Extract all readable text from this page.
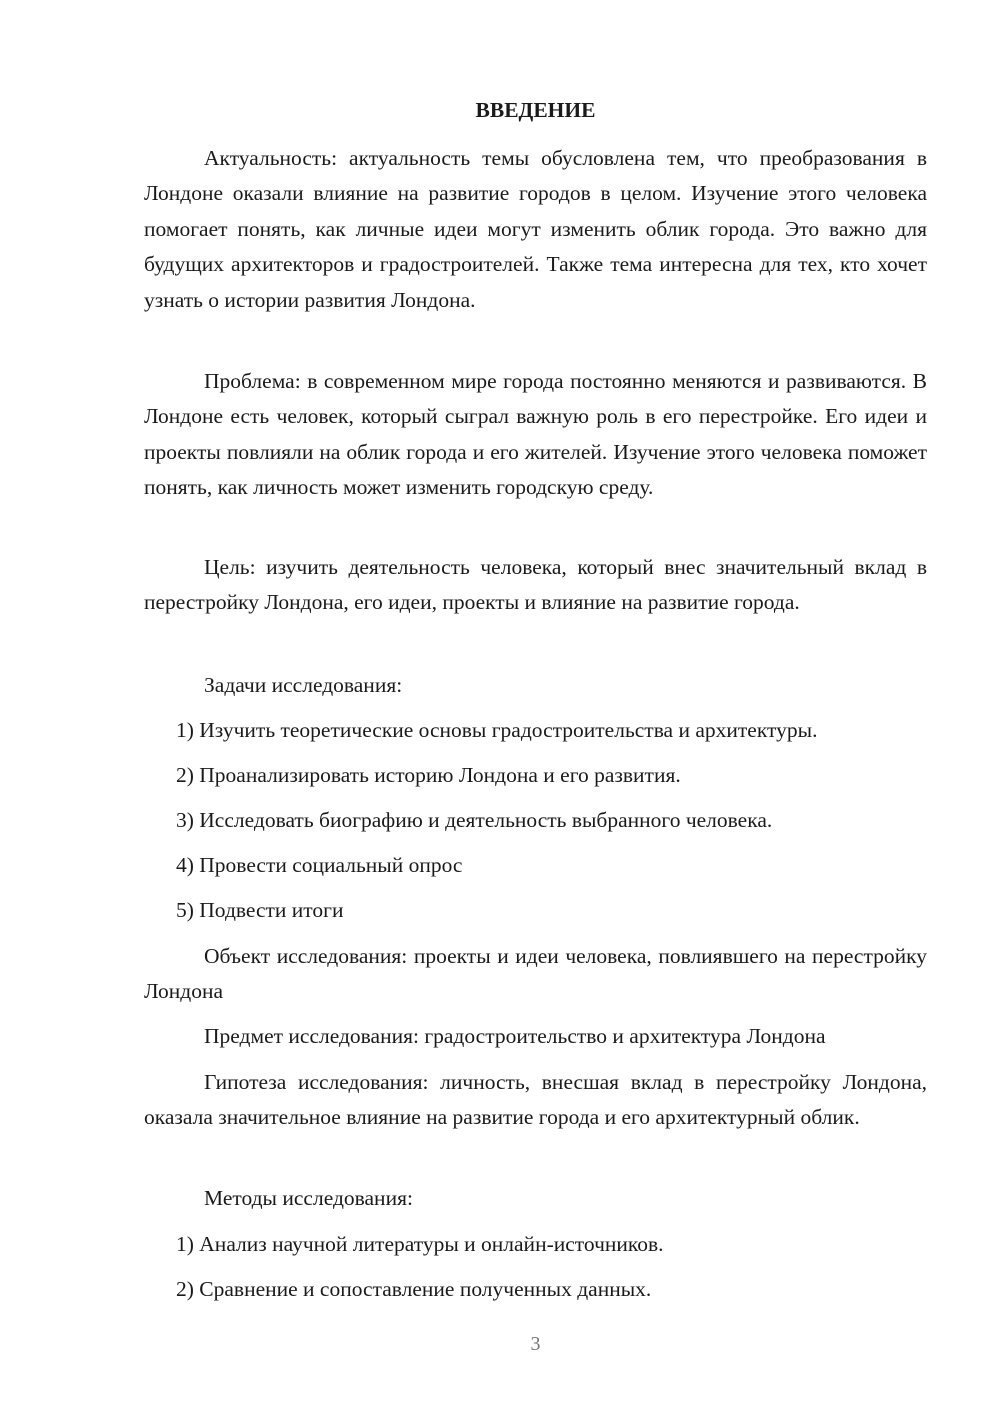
ВВЕДЕНИЕ

Актуальность: актуальность темы обусловлена тем, что преобразования в Лондоне оказали влияние на развитие городов в целом. Изучение этого человека помогает понять, как личные идеи могут изменить облик города. Это важно для будущих архитекторов и градостроителей. Также тема интересна для тех, кто хочет узнать о истории развития Лондона.

Проблема: в современном мире города постоянно меняются и развиваются. В Лондоне есть человек, который сыграл важную роль в его перестройке. Его идеи и проекты повлияли на облик города и его жителей. Изучение этого человека поможет понять, как личность может изменить городскую среду.

Цель: изучить деятельность человека, который внес значительный вклад в перестройку Лондона, его идеи, проекты и влияние на развитие города.

Задачи исследования:

1) Изучить теоретические основы градостроительства и архитектуры.

2) Проанализировать историю Лондона и его развития.

3) Исследовать биографию и деятельность выбранного человека.

4) Провести социальный опрос

5) Подвести итоги

Объект исследования: проекты и идеи человека, повлиявшего на перестройку Лондона

Предмет исследования: градостроительство и архитектура Лондона

Гипотеза исследования: личность, внесшая вклад в перестройку Лондона, оказала значительное влияние на развитие города и его архитектурный облик.

Методы исследования:

1) Анализ научной литературы и онлайн-источников.

2) Сравнение и сопоставление полученных данных.

3
